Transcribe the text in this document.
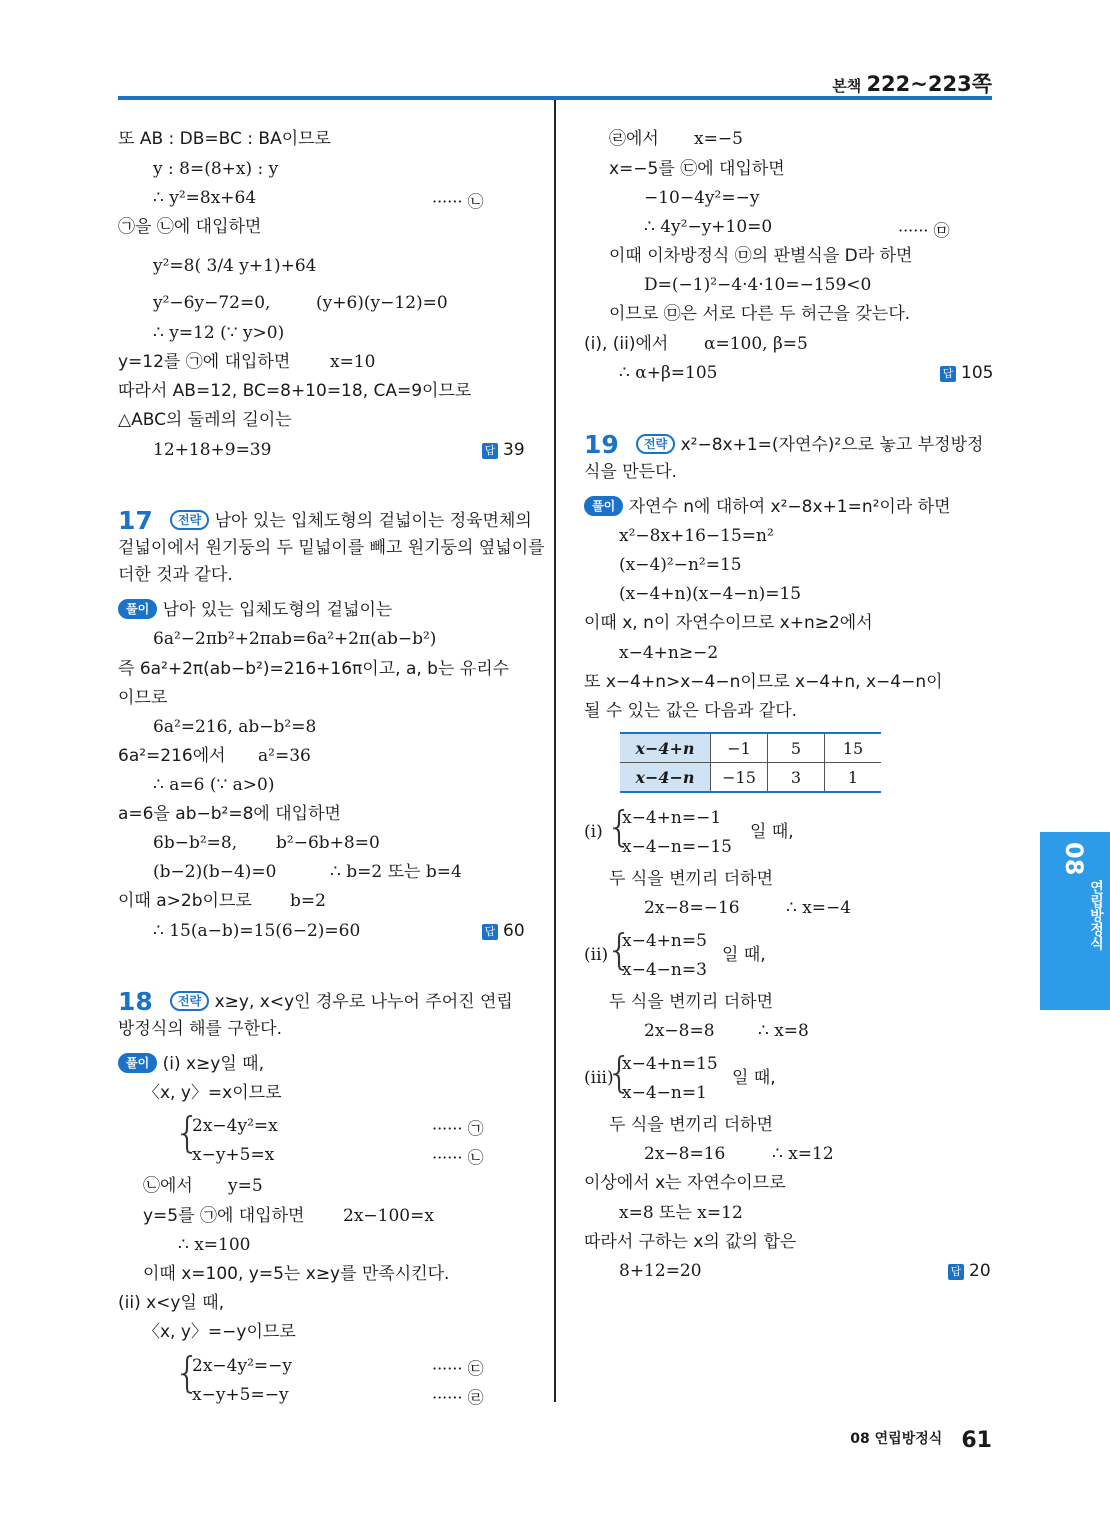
본책 222~223쪽
또 AB : DB=BC : BA이므로
y : 8=(8+x) : y
∴ y²=8x+64	······ ㉡
㉠을 ㉡에 대입하면
y²=8( 3/4 y+1)+64
y²−6y−72=0,	(y+6)(y−12)=0
∴ y=12 (∵ y>0)
y=12를 ㉠에 대입하면 x=10
따라서 AB=12, BC=8+10=18, CA=9이므로
△ABC의 둘레의 길이는
12+18+9=39	답 39
17	전략 남아 있는 입체도형의 겉넓이는 정육면체의
겉넓이에서 원기둥의 두 밑넓이를 빼고 원기둥의 옆넓이를
더한 것과 같다.
풀이 남아 있는 입체도형의 겉넓이는
6a²−2πb²+2πab=6a²+2π(ab−b²)
즉 6a²+2π(ab−b²)=216+16π이고, a, b는 유리수
이므로
6a²=216, ab−b²=8
6a²=216에서 a²=36
∴ a=6 (∵ a>0)
a=6을 ab−b²=8에 대입하면
6b−b²=8, b²−6b+8=0
(b−2)(b−4)=0	∴ b=2 또는 b=4
이때 a>2b이므로 b=2
∴ 15(a−b)=15(6−2)=60	답 60
18	전략 x≥y, x<y인 경우로 나누어 주어진 연립
방정식의 해를 구한다.
풀이 (i) x≥y일 때,
〈x, y〉=x이므로
{
2x−4y²=x	······ ㉠
x−y+5=x	······ ㉡
㉡에서 y=5
y=5를 ㉠에 대입하면 2x−100=x
∴ x=100
이때 x=100, y=5는 x≥y를 만족시킨다.
(ii) x<y일 때,
〈x, y〉=−y이므로
{
2x−4y²=−y	······ ㉢
x−y+5=−y	······ ㉣
㉣에서 x=−5
x=−5를 ㉢에 대입하면
−10−4y²=−y
∴ 4y²−y+10=0	······ ㉤
이때 이차방정식 ㉤의 판별식을 D라 하면
D=(−1)²−4·4·10=−159<0
이므로 ㉤은 서로 다른 두 허근을 갖는다.
(i), (ii)에서 α=100, β=5
∴ α+β=105	답 105
19	전략 x²−8x+1=(자연수)²으로 놓고 부정방정
식을 만든다.
풀이 자연수 n에 대하여 x²−8x+1=n²이라 하면
x²−8x+16−15=n²
(x−4)²−n²=15
(x−4+n)(x−4−n)=15
이때 x, n이 자연수이므로 x+n≥2에서
x−4+n≥−2
또 x−4+n>x−4−n이므로 x−4+n, x−4−n이
될 수 있는 값은 다음과 같다.
x−4+n	−1	5	15
x−4−n	−15	3	1
(i) {
x−4+n=−1
x−4−n=−15
일 때,
두 식을 변끼리 더하면
2x−8=−16	∴ x=−4
(ii)
{
x−4+n=5
x−4−n=3
일 때,
두 식을 변끼리 더하면
2x−8=8	∴ x=8
(iii)
{
x−4+n=15
x−4−n=1
일 때,
두 식을 변끼리 더하면
2x−8=16	∴ x=12
이상에서 x는 자연수이므로
x=8 또는 x=12
따라서 구하는 x의 값의 합은
8+12=20	답 20
08
연립방정식
08 연립방정식 61
